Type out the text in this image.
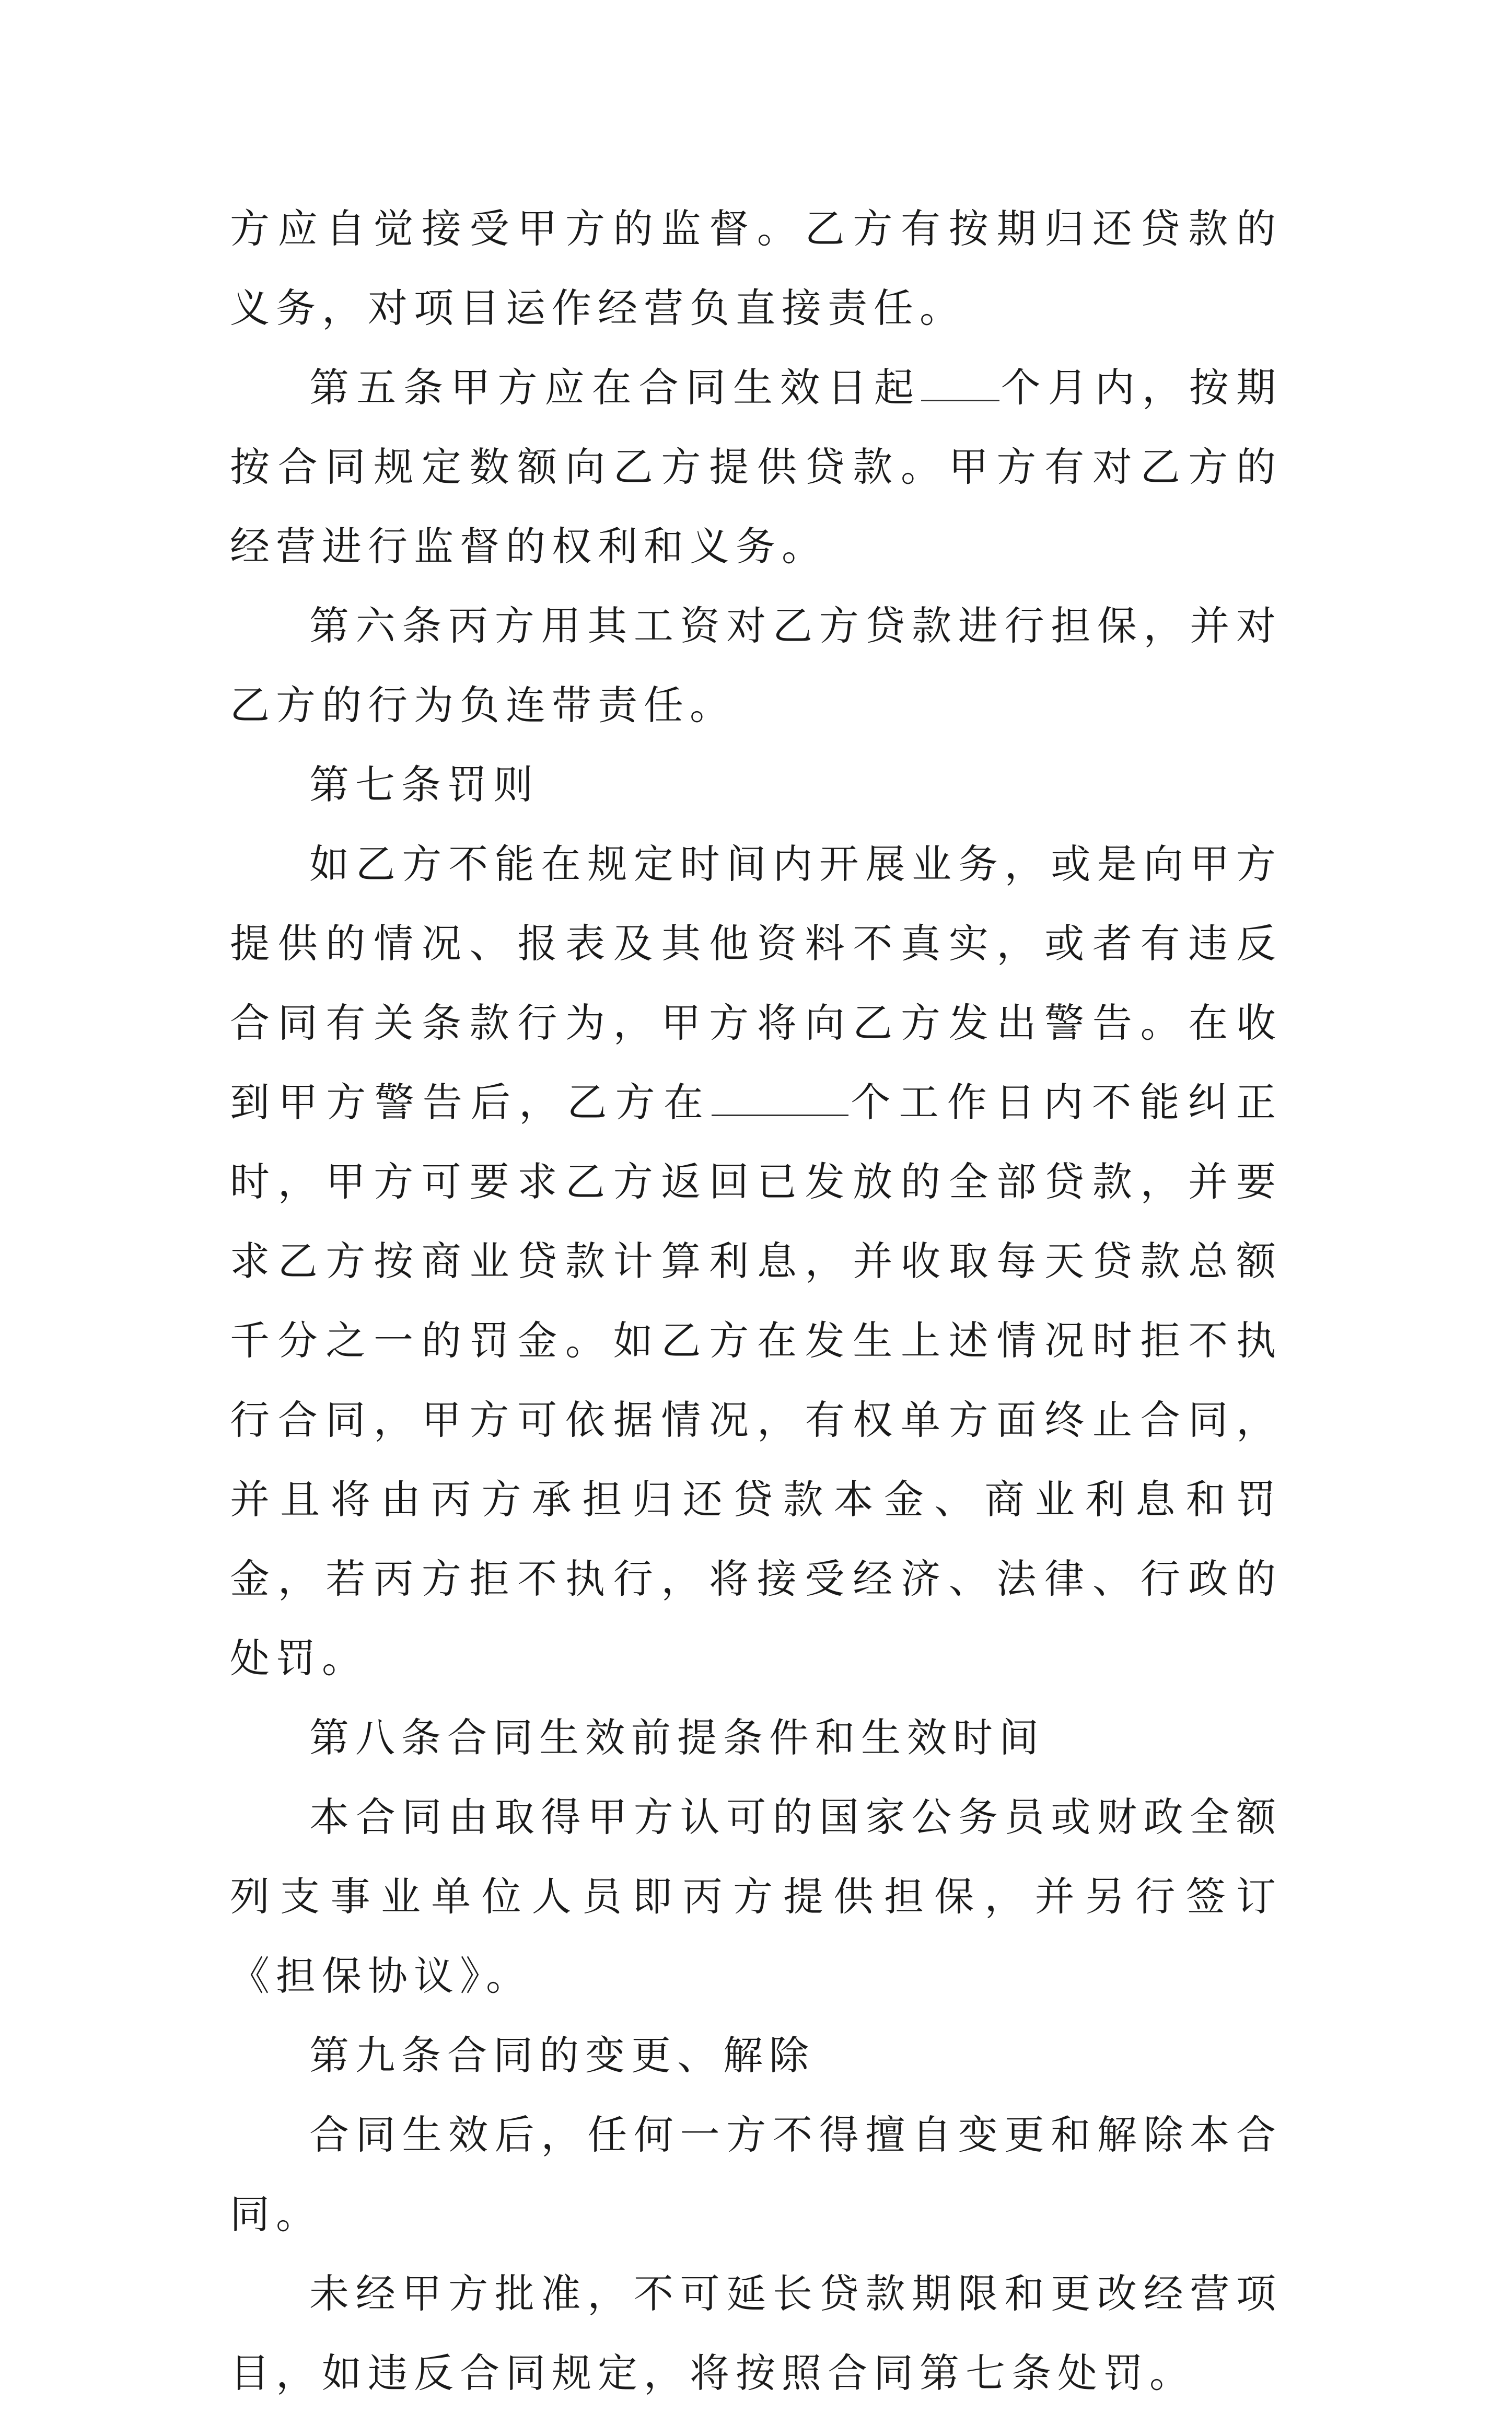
方应自觉接受甲方的监督。乙方有按期归还贷款的义务，对项目运作经营负直接责任。

第五条甲方应在合同生效日起 个月内，按期按合同规定数额向乙方提供贷款。甲方有对乙方的经营进行监督的权利和义务。

第六条丙方用其工资对乙方贷款进行担保，并对乙方的行为负连带责任。

第七条罚则

如乙方不能在规定时间内开展业务，或是向甲方提供的情况、报表及其他资料不真实，或者有违反合同有关条款行为，甲方将向乙方发出警告。在收到甲方警告后，乙方在	个工作日内不能纠正时，甲方可要求乙方返回已发放的全部贷款，并要求乙方按商业贷款计算利息，并收取每天贷款总额千分之一的罚金。如乙方在发生上述情况时拒不执行合同，甲方可依据情况，有权单方面终止合同，并且将由丙方承担归还贷款本金、商业利息和罚金，若丙方拒不执行，将接受经济、法律、行政的处罚。

第八条合同生效前提条件和生效时间

本合同由取得甲方认可的国家公务员或财政全额列支事业单位人员即丙方提供担保，并另行签订《担保协议》。

第九条合同的变更、解除

合同生效后，任何一方不得擅自变更和解除本合同。

未经甲方批准，不可延长贷款期限和更改经营项目，如违反合同规定，将按照合同第七条处罚。
